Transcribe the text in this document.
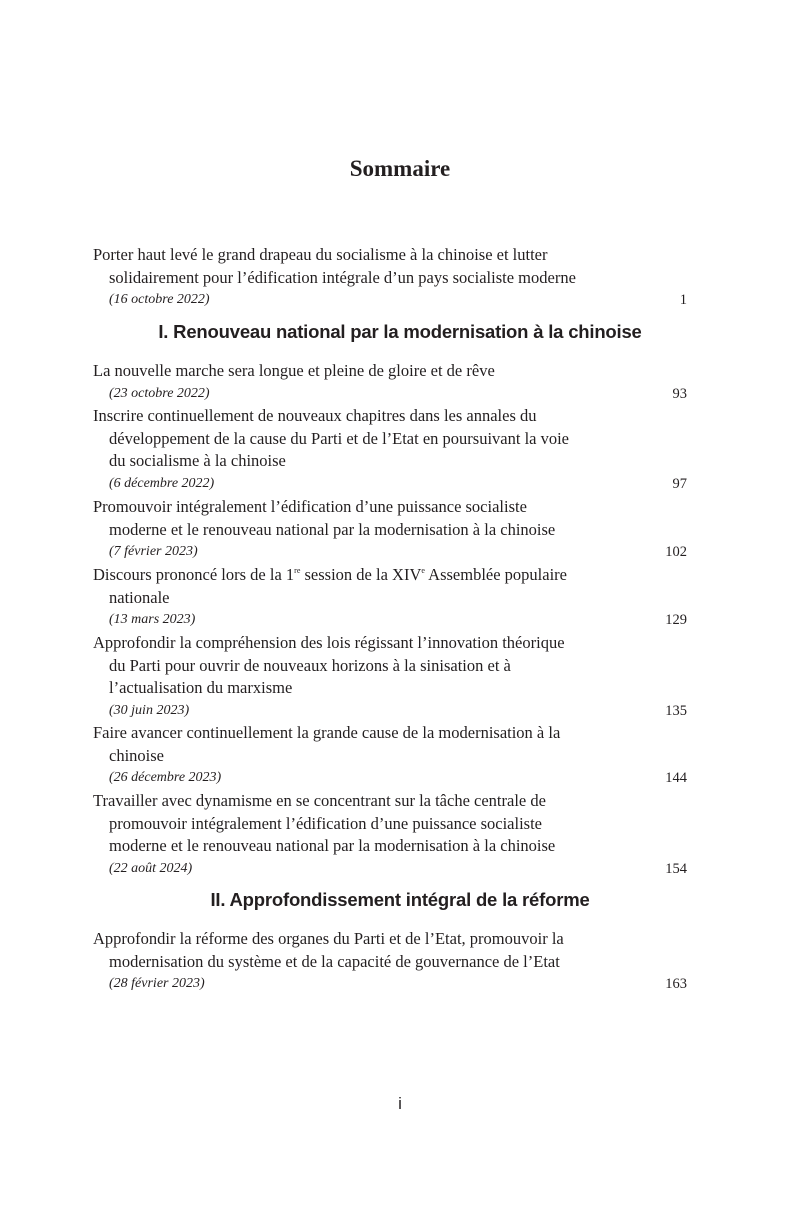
Sommaire
Porter haut levé le grand drapeau du socialisme à la chinoise et lutter
solidairement pour l’édification intégrale d’un pays socialiste moderne
(16 octobre 2022)	1
I. Renouveau national par la modernisation à la chinoise
La nouvelle marche sera longue et pleine de gloire et de rêve
(23 octobre 2022)	93
Inscrire continuellement de nouveaux chapitres dans les annales du
développement de la cause du Parti et de l’Etat en poursuivant la voie
du socialisme à la chinoise
(6 décembre 2022)	97
Promouvoir intégralement l’édification d’une puissance socialiste
moderne et le renouveau national par la modernisation à la chinoise
(7 février 2023)	102
Discours prononcé lors de la 1re session de la XIVe Assemblée populaire
nationale
(13 mars 2023)	129
Approfondir la compréhension des lois régissant l’innovation théorique
du Parti pour ouvrir de nouveaux horizons à la sinisation et à
l’actualisation du marxisme
(30 juin 2023)	135
Faire avancer continuellement la grande cause de la modernisation à la
chinoise
(26 décembre 2023)	144
Travailler avec dynamisme en se concentrant sur la tâche centrale de
promouvoir intégralement l’édification d’une puissance socialiste
moderne et le renouveau national par la modernisation à la chinoise
(22 août 2024)	154
II. Approfondissement intégral de la réforme
Approfondir la réforme des organes du Parti et de l’Etat, promouvoir la
modernisation du système et de la capacité de gouvernance de l’Etat
(28 février 2023)	163
i
